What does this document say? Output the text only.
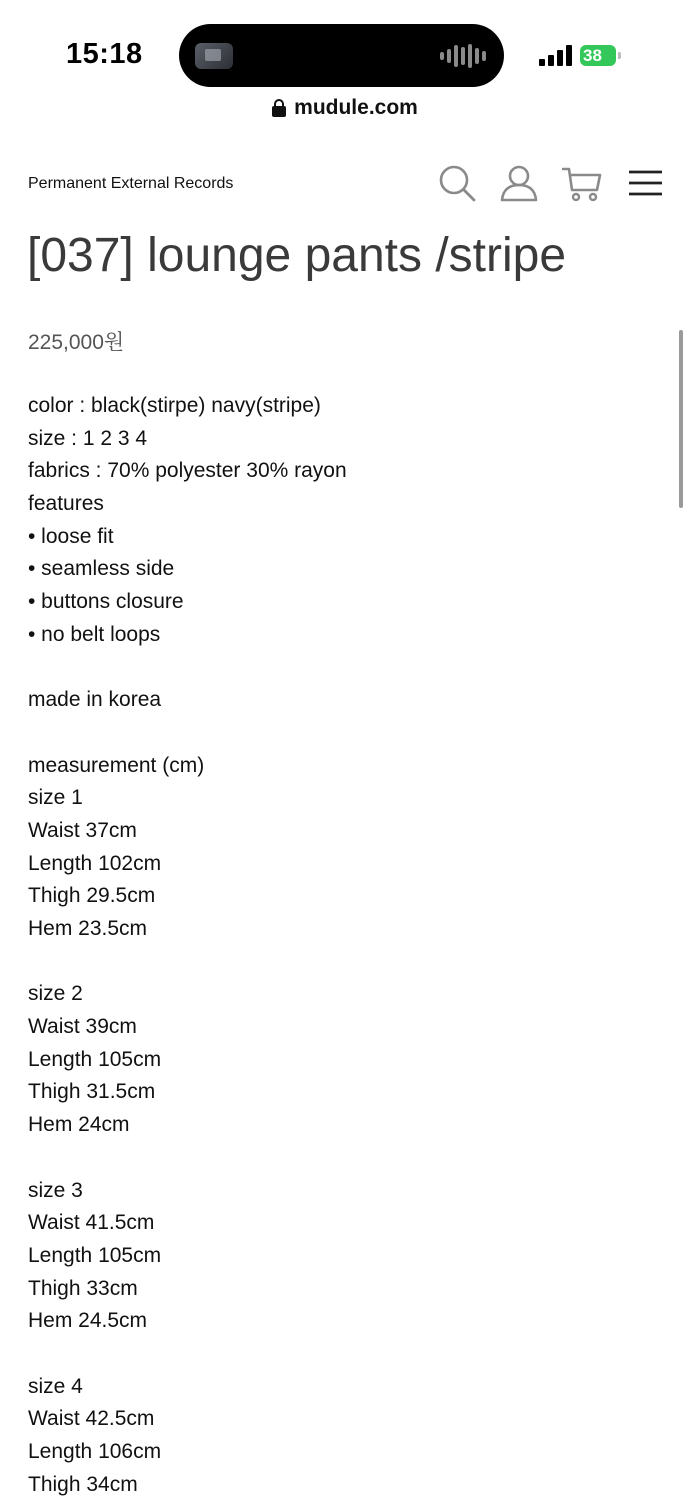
15:18	38
mudule.com
Permanent External Records
[037] lounge pants /stripe
225,000원
color : black(stirpe) navy(stripe)
size : 1 2 3 4
fabrics : 70% polyester 30% rayon
features
• loose fit
• seamless side
• buttons closure
• no belt loops
made in korea
measurement (cm)
size 1
Waist 37cm
Length 102cm
Thigh 29.5cm
Hem 23.5cm
size 2
Waist 39cm
Length 105cm
Thigh 31.5cm
Hem 24cm
size 3
Waist 41.5cm
Length 105cm
Thigh 33cm
Hem 24.5cm
size 4
Waist 42.5cm
Length 106cm
Thigh 34cm
